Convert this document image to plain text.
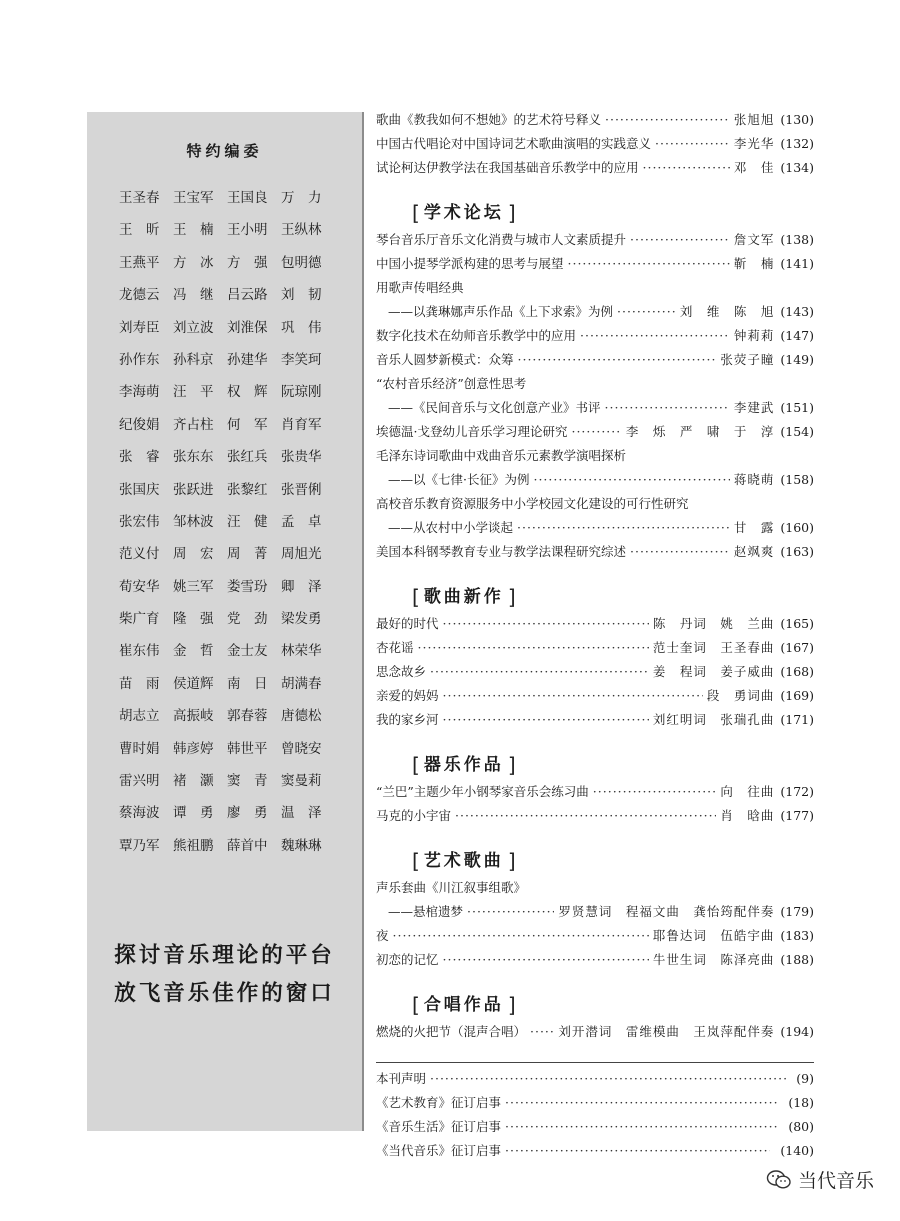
特约编委
王圣春	王宝军	王国良	万　力
王　昕	王　楠	王小明	王纵林
王燕平	方　冰	方　强	包明德
龙德云	冯　继	吕云路	刘　韧
刘寿臣	刘立波	刘淮保	巩　伟
孙作东	孙科京	孙建华	李笑珂
李海萌	汪　平	权　辉	阮琼刚
纪俊娟	齐占柱	何　军	肖育军
张　睿	张东东	张红兵	张贵华
张国庆	张跃进	张黎红	张晋俐
张宏伟	邹林波	汪　健	孟　卓
范义付	周　宏	周　菁	周旭光
荀安华	姚三军	娄雪玢	卿　泽
柴广育	隆　强	党　劲	梁发勇
崔东伟	金　哲	金士友	林荣华
苗　雨	侯道辉	南　日	胡满春
胡志立	高振岐	郭春蓉	唐德松
曹时娟	韩彦婷	韩世平	曾晓安
雷兴明	褚　灏	窦　青	窦曼莉
蔡海波	谭　勇	廖　勇	温　泽
覃乃军	熊祖鹏	薛首中	魏琳琳
探讨音乐理论的平台
放飞音乐佳作的窗口
歌曲《教我如何不想她》的艺术符号释义 ·····	张旭旭 (130)
中国古代唱论对中国诗词艺术歌曲演唱的实践意义 ·····	李光华 (132)
试论柯达伊教学法在我国基础音乐教学中的应用 ·····	邓　佳 (134)
[ 学术论坛 ]
琴台音乐厅音乐文化消费与城市人文素质提升 ·····	詹文军 (138)
中国小提琴学派构建的思考与展望 ·····	靳　楠 (141)
用歌声传唱经典
——以龚琳娜声乐作品《上下求索》为例 ·····	刘　维　陈　旭 (143)
数字化技术在幼师音乐教学中的应用 ·····	钟莉莉 (147)
音乐人圆梦新模式：众筹 ·····	张荧子瞳 (149)
“农村音乐经济”创意性思考
——《民间音乐与文化创意产业》书评 ·····	李建武 (151)
埃德温·戈登幼儿音乐学习理论研究 ·····	李　烁　严　啸　于　淳 (154)
毛泽东诗词歌曲中戏曲音乐元素教学演唱探析
——以《七律·长征》为例 ·····	蒋晓萌 (158)
高校音乐教育资源服务中小学校园文化建设的可行性研究
——从农村中小学谈起 ·····	甘　露 (160)
美国本科钢琴教育专业与教学法课程研究综述 ·····	赵飒爽 (163)
[ 歌曲新作 ]
最好的时代 ·····	陈　丹词　姚　兰曲 (165)
杏花谣 ·····	范士奎词　王圣春曲 (167)
思念故乡 ·····	姜　程词　姜子威曲 (168)
亲爱的妈妈 ·····	段　勇词曲 (169)
我的家乡河 ·····	刘红明词　张瑞孔曲 (171)
[ 器乐作品 ]
“兰巴”主题少年小钢琴家音乐会练习曲 ·····	向　往曲 (172)
马克的小宇宙 ·····	肖　晗曲 (177)
[ 艺术歌曲 ]
声乐套曲《川江叙事组歌》
——悬棺遗梦 ·····	罗贤慧词　程福文曲　龚怡筠配伴奏 (179)
夜 ·····	耶鲁达词　伍皓宇曲 (183)
初恋的记忆 ·····	牛世生词　陈泽亮曲 (188)
[ 合唱作品 ]
燃烧的火把节（混声合唱） ·····	刘开潜词　雷维模曲　王岚萍配伴奏 (194)
本刊声明 ·····	(9)
《艺术教育》征订启事 ·····	(18)
《音乐生活》征订启事 ·····	(80)
《当代音乐》征订启事 ·····	(140)
当代音乐
